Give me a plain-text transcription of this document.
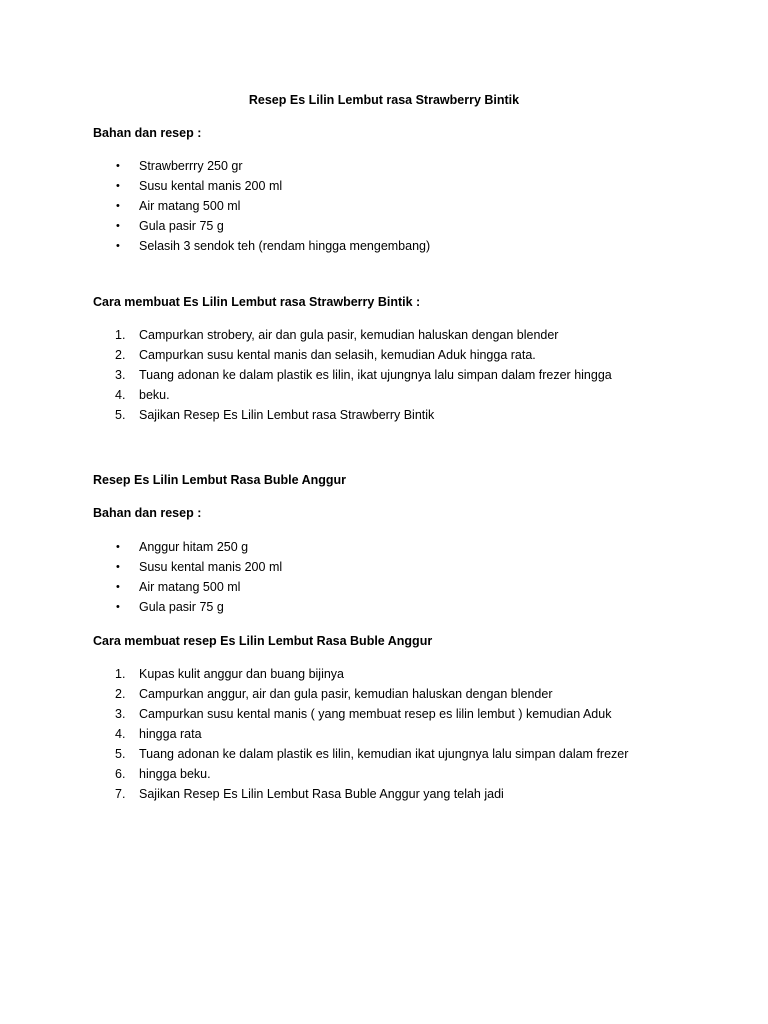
Resep Es Lilin Lembut rasa Strawberry Bintik
Bahan dan resep :
•	Strawberrry 250 gr
•	Susu kental manis 200 ml
•	Air matang 500 ml
•	Gula pasir 75 g
•	Selasih 3 sendok teh (rendam hingga mengembang)
Cara membuat Es Lilin Lembut rasa Strawberry Bintik :
1.	Campurkan strobery, air dan gula pasir, kemudian haluskan dengan blender
2.	Campurkan susu kental manis dan selasih, kemudian Aduk hingga rata.
3.	Tuang adonan ke dalam plastik es lilin, ikat ujungnya lalu simpan dalam frezer hingga
4.	beku.
5.	Sajikan Resep Es Lilin Lembut rasa Strawberry Bintik
Resep Es Lilin Lembut Rasa Buble Anggur
Bahan dan resep :
•	Anggur hitam 250 g
•	Susu kental manis 200 ml
•	Air matang 500 ml
•	Gula pasir 75 g
Cara membuat resep Es Lilin Lembut Rasa Buble Anggur
1.	Kupas kulit anggur dan buang bijinya
2.	Campurkan anggur, air dan gula pasir, kemudian haluskan dengan blender
3.	Campurkan susu kental manis ( yang membuat resep es lilin lembut ) kemudian Aduk
4.	hingga rata
5.	Tuang adonan ke dalam plastik es lilin, kemudian ikat ujungnya lalu simpan dalam frezer
6.	hingga beku.
7.	Sajikan Resep Es Lilin Lembut Rasa Buble Anggur yang telah jadi
